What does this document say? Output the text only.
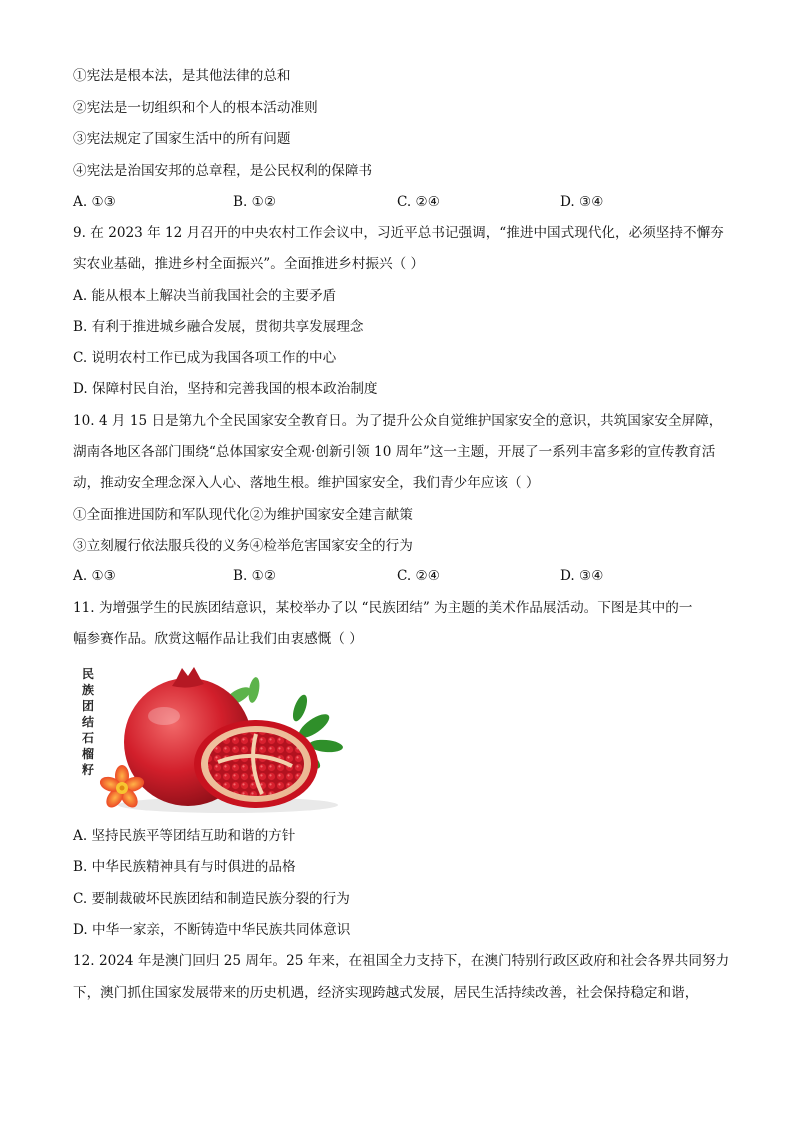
①宪法是根本法，是其他法律的总和
②宪法是一切组织和个人的根本活动准则
③宪法规定了国家生活中的所有问题
④宪法是治国安邦的总章程，是公民权利的保障书
A. ①③	B. ①②	C. ②④	D. ③④
9. 在 2023 年 12 月召开的中央农村工作会议中，习近平总书记强调，“推进中国式现代化，必须坚持不懈夯
实农业基础，推进乡村全面振兴”。全面推进乡村振兴（ ）
A. 能从根本上解决当前我国社会的主要矛盾
B. 有利于推进城乡融合发展，贯彻共享发展理念
C. 说明农村工作已成为我国各项工作的中心
D. 保障村民自治，坚持和完善我国的根本政治制度
10. 4 月 15 日是第九个全民国家安全教育日。为了提升公众自觉维护国家安全的意识，共筑国家安全屏障，
湖南各地区各部门围绕“总体国家安全观·创新引领 10 周年”这一主题，开展了一系列丰富多彩的宣传教育活
动，推动安全理念深入人心、落地生根。维护国家安全，我们青少年应该（ ）
①全面推进国防和军队现代化②为维护国家安全建言献策
③立刻履行依法服兵役的义务④检举危害国家安全的行为
A. ①③	B. ①②	C. ②④	D. ③④
11. 为增强学生的民族团结意识，某校举办了以 “民族团结” 为主题的美术作品展活动。下图是其中的一
幅参赛作品。欣赏这幅作品让我们由衷感慨（ ）
民
族
团
结
石
榴
籽
A. 坚持民族平等团结互助和谐的方针
B. 中华民族精神具有与时俱进的品格
C. 要制裁破坏民族团结和制造民族分裂的行为
D. 中华一家亲，不断铸造中华民族共同体意识
12. 2024 年是澳门回归 25 周年。25 年来，在祖国全力支持下，在澳门特别行政区政府和社会各界共同努力
下，澳门抓住国家发展带来的历史机遇，经济实现跨越式发展，居民生活持续改善，社会保持稳定和谐，
